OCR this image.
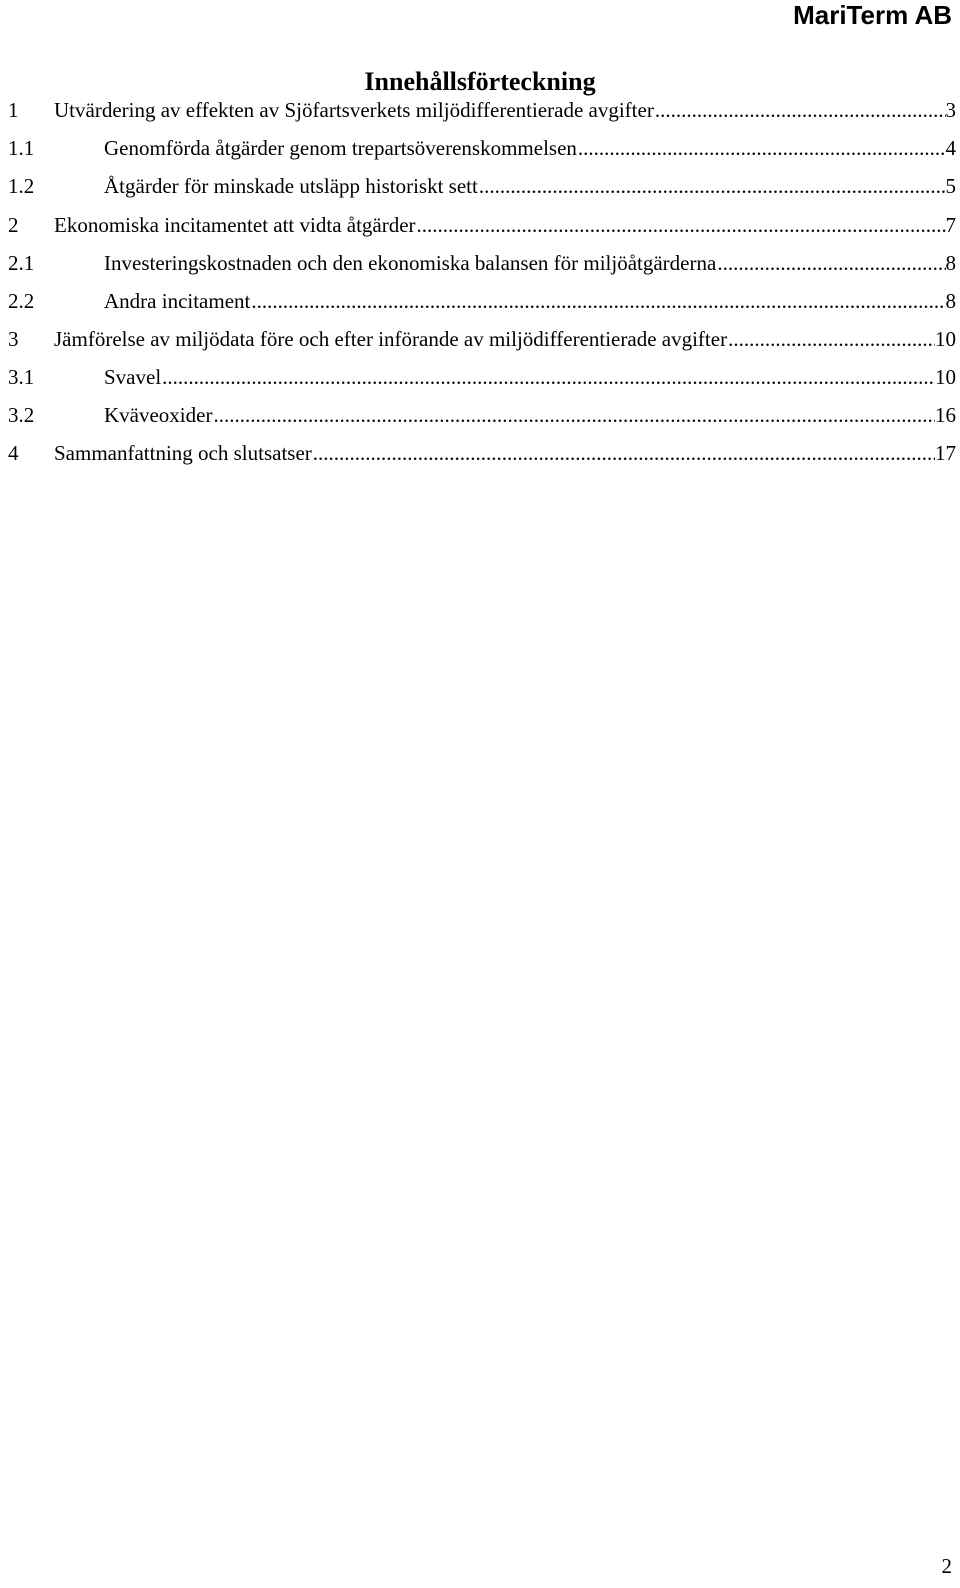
MariTerm AB
Innehållsförteckning
1 Utvärdering av effekten av Sjöfartsverkets miljödifferentierade avgifter .....	3
1.1	Genomförda åtgärder genom trepartsöverenskommelsen .....	4
1.2	Åtgärder för minskade utsläpp historiskt sett .....	5
2 Ekonomiska incitamentet att vidta åtgärder .....	7
2.1	Investeringskostnaden och den ekonomiska balansen för miljöåtgärderna .....	8
2.2	Andra incitament .....	8
3 Jämförelse av miljödata före och efter införande av miljödifferentierade avgifter .....	10
3.1	Svavel .....	10
3.2	Kväveoxider .....	16
4 Sammanfattning och slutsatser .....	17
2
